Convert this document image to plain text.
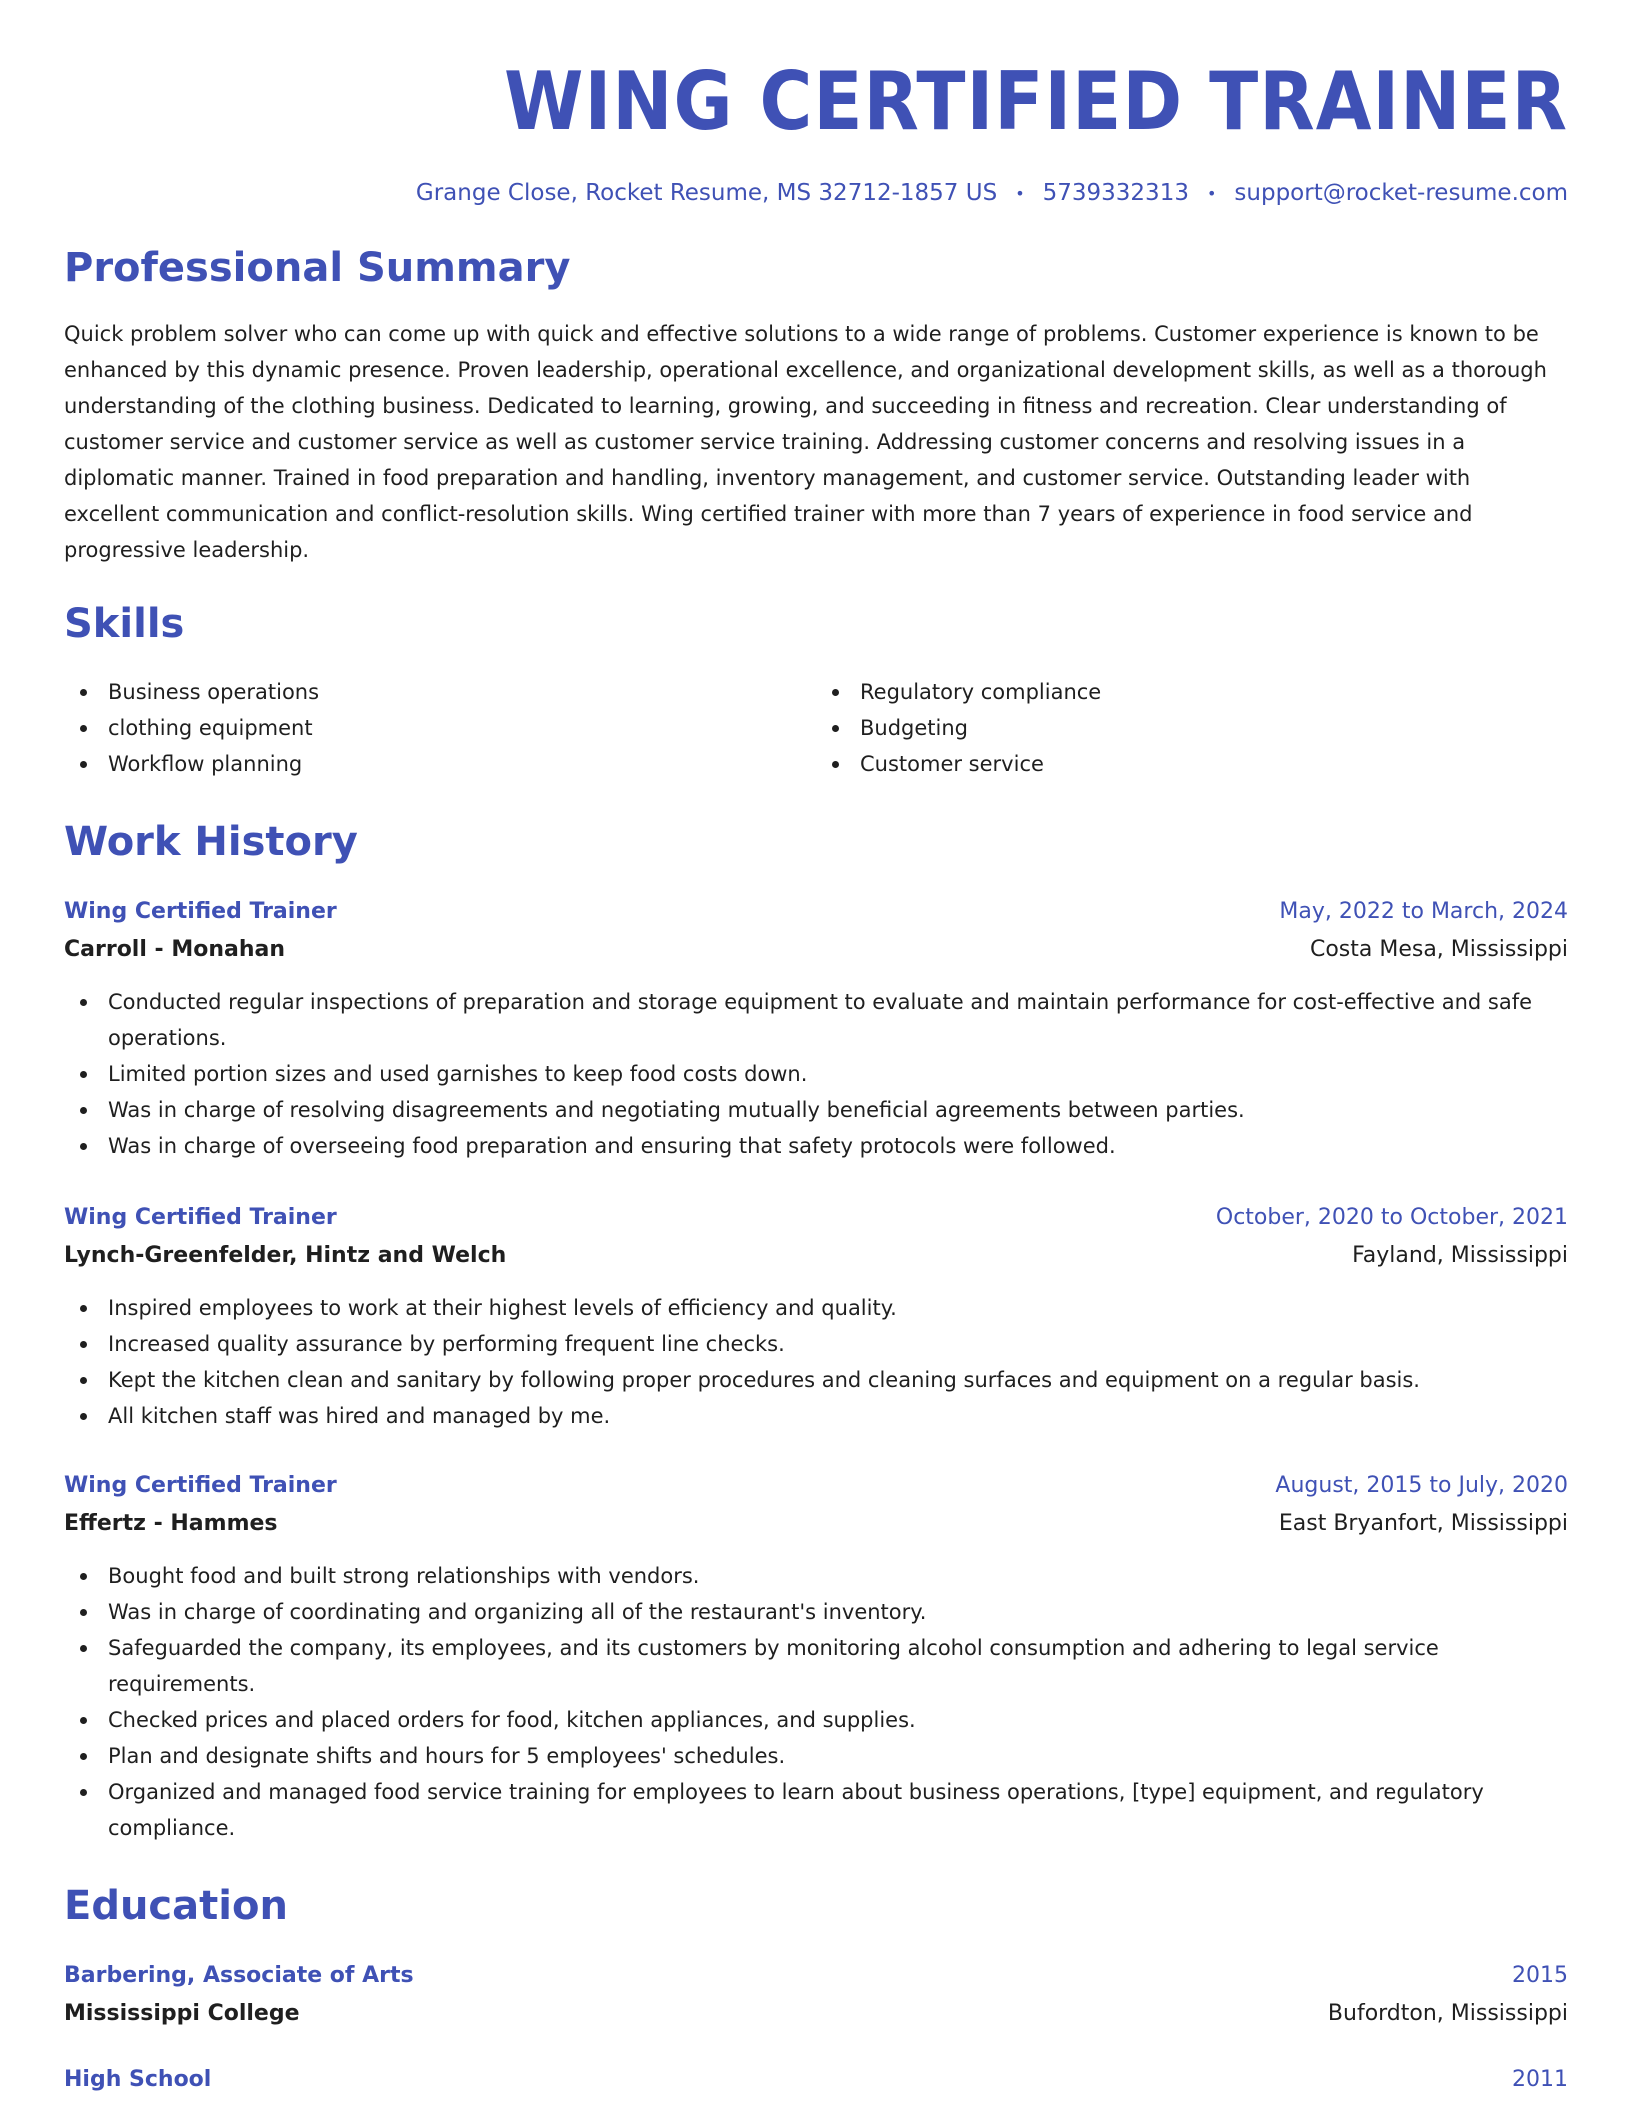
WING CERTIFIED TRAINER
Grange Close, Rocket Resume, MS 32712-1857 US • 5739332313 • support@rocket-resume.com
Professional Summary
Quick problem solver who can come up with quick and effective solutions to a wide range of problems. Customer experience is known to be enhanced by this dynamic presence. Proven leadership, operational excellence, and organizational development skills, as well as a thorough understanding of the clothing business. Dedicated to learning, growing, and succeeding in fitness and recreation. Clear understanding of customer service and customer service as well as customer service training. Addressing customer concerns and resolving issues in a diplomatic manner. Trained in food preparation and handling, inventory management, and customer service. Outstanding leader with excellent communication and conflict-resolution skills. Wing certified trainer with more than 7 years of experience in food service and progressive leadership.
Skills
Business operations
clothing equipment
Workflow planning
Regulatory compliance
Budgeting
Customer service
Work History
Wing Certified Trainer	May, 2022 to March, 2024
Carroll - Monahan	Costa Mesa, Mississippi
Conducted regular inspections of preparation and storage equipment to evaluate and maintain performance for cost-effective and safe operations.
Limited portion sizes and used garnishes to keep food costs down.
Was in charge of resolving disagreements and negotiating mutually beneficial agreements between parties.
Was in charge of overseeing food preparation and ensuring that safety protocols were followed.
Wing Certified Trainer	October, 2020 to October, 2021
Lynch-Greenfelder, Hintz and Welch	Fayland, Mississippi
Inspired employees to work at their highest levels of efficiency and quality.
Increased quality assurance by performing frequent line checks.
Kept the kitchen clean and sanitary by following proper procedures and cleaning surfaces and equipment on a regular basis.
All kitchen staff was hired and managed by me.
Wing Certified Trainer	August, 2015 to July, 2020
Effertz - Hammes	East Bryanfort, Mississippi
Bought food and built strong relationships with vendors.
Was in charge of coordinating and organizing all of the restaurant's inventory.
Safeguarded the company, its employees, and its customers by monitoring alcohol consumption and adhering to legal service requirements.
Checked prices and placed orders for food, kitchen appliances, and supplies.
Plan and designate shifts and hours for 5 employees' schedules.
Organized and managed food service training for employees to learn about business operations, [type] equipment, and regulatory compliance.
Education
Barbering, Associate of Arts	2015
Mississippi College	Bufordton, Mississippi
High School	2011
